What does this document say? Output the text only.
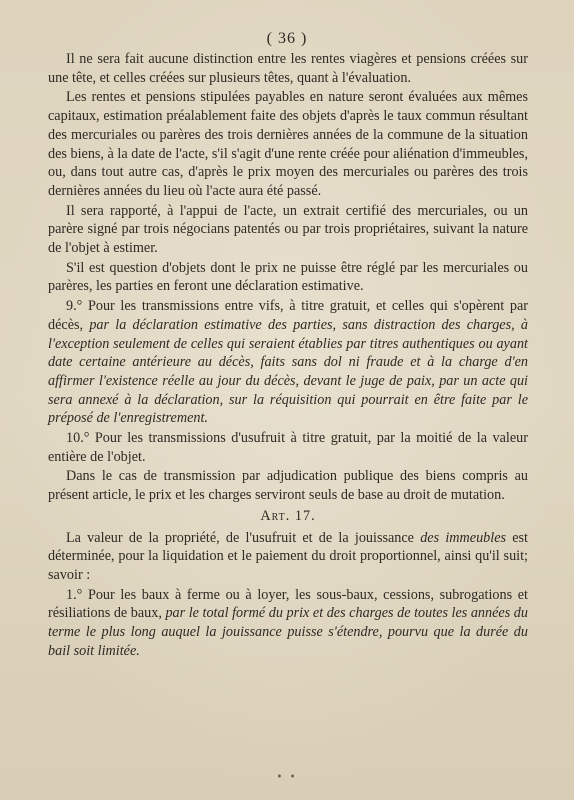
( 36 )

Il ne sera fait aucune distinction entre les rentes viagères et pensions créées sur une tête, et celles créées sur plusieurs têtes, quant à l'évaluation.

Les rentes et pensions stipulées payables en nature seront évaluées aux mêmes capitaux, estimation préalablement faite des objets d'après le taux commun résultant des mercuriales ou parères des trois dernières années de la commune de la situation des biens, à la date de l'acte, s'il s'agit d'une rente créée pour aliénation d'immeubles, ou, dans tout autre cas, d'après le prix moyen des mercuriales ou parères des trois dernières années du lieu où l'acte aura été passé.

Il sera rapporté, à l'appui de l'acte, un extrait certifié des mercuriales, ou un parère signé par trois négocians patentés ou par trois propriétaires, suivant la nature de l'objet à estimer.

S'il est question d'objets dont le prix ne puisse être réglé par les mercuriales ou parères, les parties en feront une déclaration estimative.

9.° Pour les transmissions entre vifs, à titre gratuit, et celles qui s'opèrent par décès, par la déclaration estimative des parties, sans distraction des charges, à l'exception seulement de celles qui seraient établies par titres authentiques ou ayant date certaine antérieure au décès, faits sans dol ni fraude et à la charge d'en affirmer l'existence réelle au jour du décès, devant le juge de paix, par un acte qui sera annexé à la déclaration, sur la réquisition qui pourrait en être faite par le préposé de l'enregistrement.

10.° Pour les transmissions d'usufruit à titre gratuit, par la moitié de la valeur entière de l'objet.

Dans le cas de transmission par adjudication publique des biens compris au présent article, le prix et les charges serviront seuls de base au droit de mutation.

Art. 17.

La valeur de la propriété, de l'usufruit et de la jouissance des immeubles est déterminée, pour la liquidation et le paiement du droit proportionnel, ainsi qu'il suit; savoir :

1.° Pour les baux à ferme ou à loyer, les sous-baux, cessions, subrogations et résiliations de baux, par le total formé du prix et des charges de toutes les années du terme le plus long auquel la jouissance puisse s'étendre, pourvu que la durée du bail soit limitée.

• •
